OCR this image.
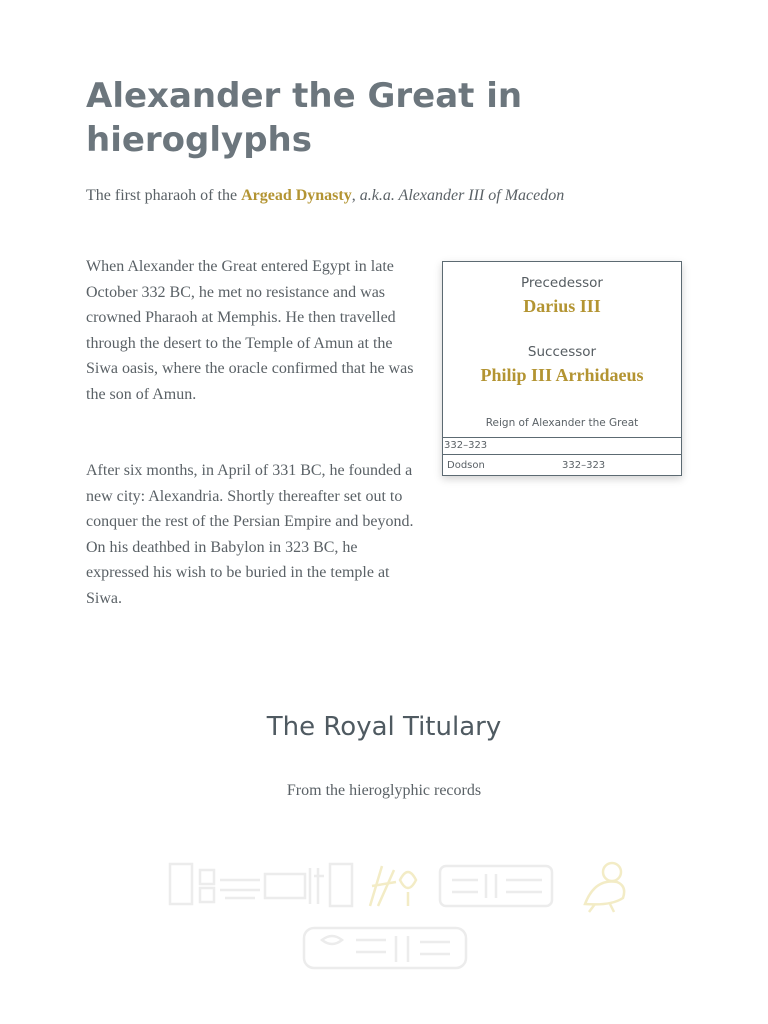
Alexander the Great in hieroglyphs

The first pharaoh of the Argead Dynasty, a.k.a. Alexander III of Macedon

When Alexander the Great entered Egypt in late October 332 BC, he met no resistance and was crowned Pharaoh at Memphis. He then travelled through the desert to the Temple of Amun at the Siwa oasis, where the oracle confirmed that he was the son of Amun.

After six months, in April of 331 BC, he founded a new city: Alexandria. Shortly thereafter set out to conquer the rest of the Persian Empire and beyond. On his deathbed in Babylon in 323 BC, he expressed his wish to be buried in the temple at Siwa.

Precedessor
Darius III
Successor
Philip III Arrhidaeus
Reign of Alexander the Great
332–323
Dodson	332–323
The Royal Titulary

From the hieroglyphic records
